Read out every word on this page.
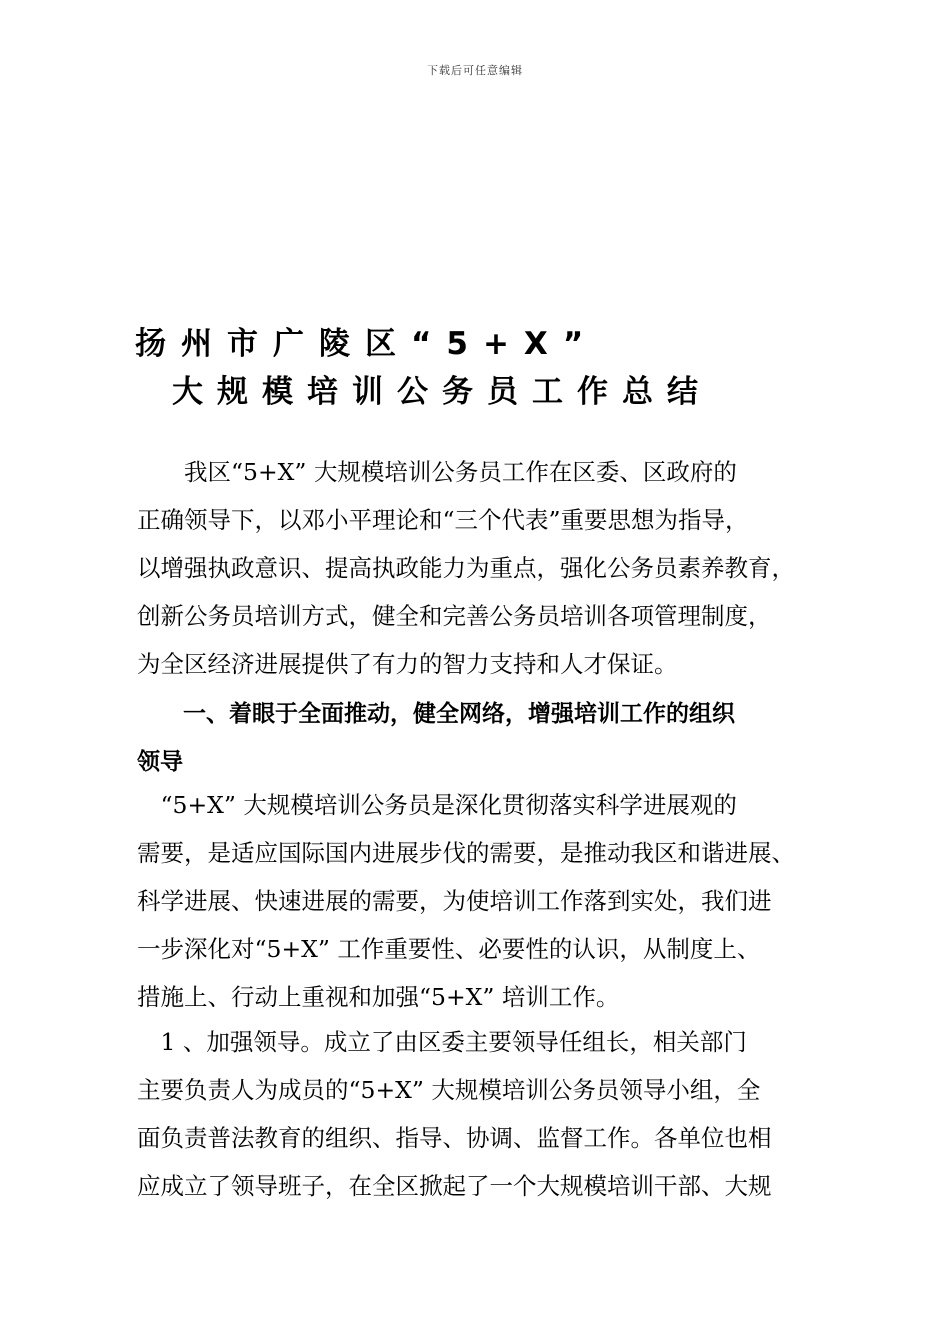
下载后可任意编辑
扬州市广陵区“5+X”
大规模培训公务员工作总结
　　我区“5+X” 大规模培训公务员工作在区委、区政府的
正确领导下，以邓小平理论和“三个代表”重要思想为指导，
以增强执政意识、提高执政能力为重点，强化公务员素养教育，
创新公务员培训方式，健全和完善公务员培训各项管理制度，
为全区经济进展提供了有力的智力支持和人才保证。
　　一、着眼于全面推动，健全网络，增强培训工作的组织
领导
　“5+X” 大规模培训公务员是深化贯彻落实科学进展观的
需要，是适应国际国内进展步伐的需要，是推动我区和谐进展、
科学进展、快速进展的需要，为使培训工作落到实处，我们进
一步深化对“5+X” 工作重要性、必要性的认识，从制度上、
措施上、行动上重视和加强“5+X” 培训工作。
　1 、加强领导。成立了由区委主要领导任组长，相关部门
主要负责人为成员的“5+X” 大规模培训公务员领导小组，全
面负责普法教育的组织、指导、协调、监督工作。各单位也相
应成立了领导班子，在全区掀起了一个大规模培训干部、大规
